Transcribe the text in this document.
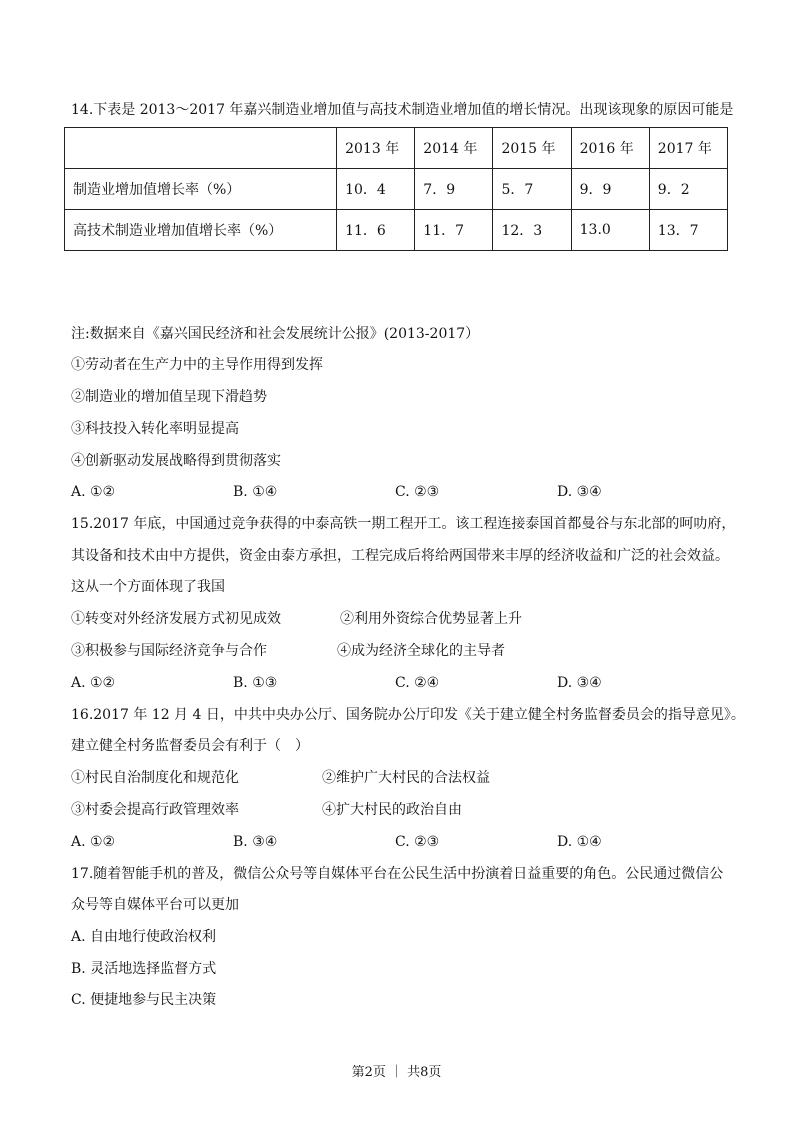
14.下表是 2013～2017 年嘉兴制造业增加值与高技术制造业增加值的增长情况。出现该现象的原因可能是
	2013 年	2014 年	2015 年	2016 年	2017 年
制造业增加值增长率（%）	10．4	7．9	5．7	9．9	9．2
高技术制造业增加值增长率（%）	11．6	11．7	12．3	13.0	13．7
注:数据来自《嘉兴国民经济和社会发展统计公报》(2013-2017）
①劳动者在生产力中的主导作用得到发挥
②制造业的增加值呈现下滑趋势
③科技投入转化率明显提高
④创新驱动发展战略得到贯彻落实
A. ①②	B. ①④	C. ②③	D. ③④
15.2017 年底，中国通过竞争获得的中泰高铁一期工程开工。该工程连接泰国首都曼谷与东北部的呵叻府，
其设备和技术由中方提供，资金由泰方承担，工程完成后将给两国带来丰厚的经济收益和广泛的社会效益。
这从一个方面体现了我国
①转变对外经济发展方式初见成效	②利用外资综合优势显著上升
③积极参与国际经济竞争与合作	④成为经济全球化的主导者
A. ①②	B. ①③	C. ②④	D. ③④
16.2017 年 12 月 4 日，中共中央办公厅、国务院办公厅印发《关于建立健全村务监督委员会的指导意见》。
建立健全村务监督委员会有利于（　）
①村民自治制度化和规范化	②维护广大村民的合法权益
③村委会提高行政管理效率	④扩大村民的政治自由
A. ①②	B. ③④	C. ②③	D. ①④
17.随着智能手机的普及，微信公众号等自媒体平台在公民生活中扮演着日益重要的角色。公民通过微信公
众号等自媒体平台可以更加
A. 自由地行使政治权利
B. 灵活地选择监督方式
C. 便捷地参与民主决策
第2页 ｜ 共8页
